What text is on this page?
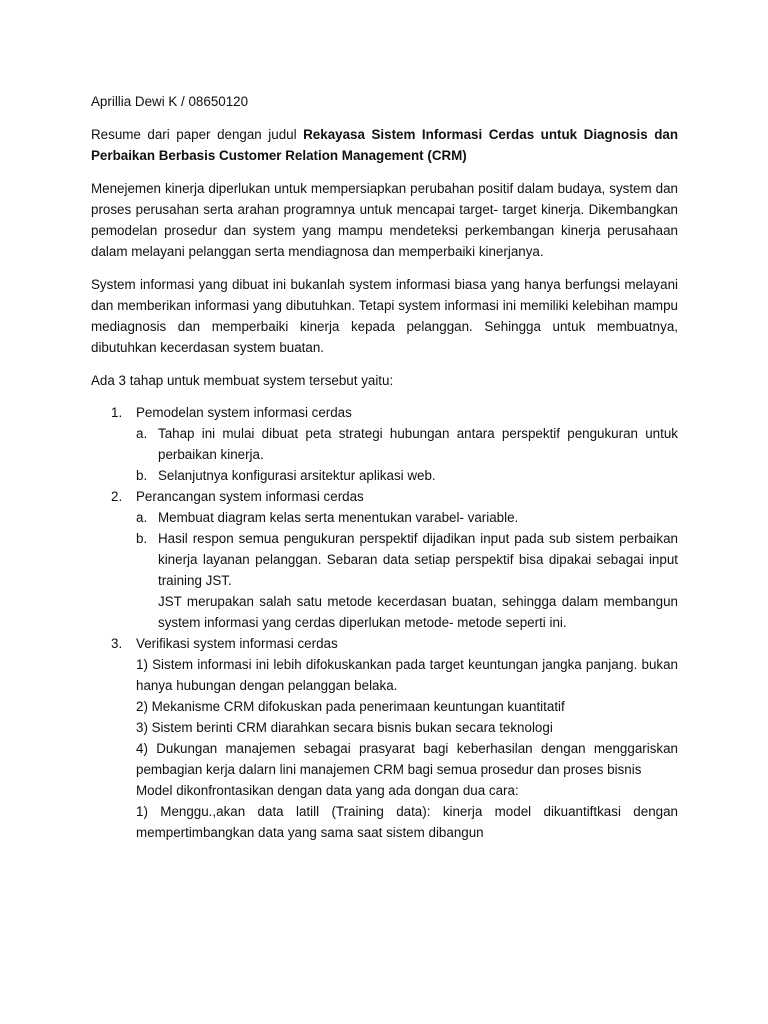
Aprillia Dewi K / 08650120

Resume dari paper dengan judul Rekayasa Sistem Informasi Cerdas untuk Diagnosis dan Perbaikan Berbasis Customer Relation Management (CRM)

Menejemen kinerja diperlukan untuk mempersiapkan perubahan positif dalam budaya, system dan proses perusahan serta arahan programnya untuk mencapai target- target kinerja. Dikembangkan pemodelan prosedur dan system yang mampu mendeteksi perkembangan kinerja perusahaan dalam melayani pelanggan serta mendiagnosa dan memperbaiki kinerjanya.

System informasi yang dibuat ini bukanlah system informasi biasa yang hanya berfungsi melayani dan memberikan informasi yang dibutuhkan. Tetapi system informasi ini memiliki kelebihan mampu mediagnosis dan memperbaiki kinerja kepada pelanggan. Sehingga untuk membuatnya, dibutuhkan kecerdasan system buatan.

Ada 3 tahap untuk membuat system tersebut yaitu:

1. Pemodelan system informasi cerdas
a. Tahap ini mulai dibuat peta strategi hubungan antara perspektif pengukuran untuk perbaikan kinerja.
b. Selanjutnya konfigurasi arsitektur aplikasi web.
2. Perancangan system informasi cerdas
a. Membuat diagram kelas serta menentukan varabel- variable.
b. Hasil respon semua pengukuran perspektif dijadikan input pada sub sistem perbaikan kinerja layanan pelanggan. Sebaran data setiap perspektif bisa dipakai sebagai input training JST.
JST merupakan salah satu metode kecerdasan buatan, sehingga dalam membangun system informasi yang cerdas diperlukan metode- metode seperti ini.
3. Verifikasi system informasi cerdas
1) Sistem informasi ini lebih difokuskankan pada target keuntungan jangka panjang. bukan hanya hubungan dengan pelanggan belaka.
2) Mekanisme CRM difokuskan pada penerimaan keuntungan kuantitatif
3) Sistem berinti CRM diarahkan secara bisnis bukan secara teknologi
4) Dukungan manajemen sebagai prasyarat bagi keberhasilan dengan menggariskan pembagian kerja dalarn lini manajemen CRM bagi semua prosedur dan proses bisnis
Model dikonfrontasikan dengan data yang ada dongan dua cara:
1) Menggu.,akan data latill (Training data): kinerja model dikuantiftkasi dengan mempertimbangkan data yang sama saat sistem dibangun
